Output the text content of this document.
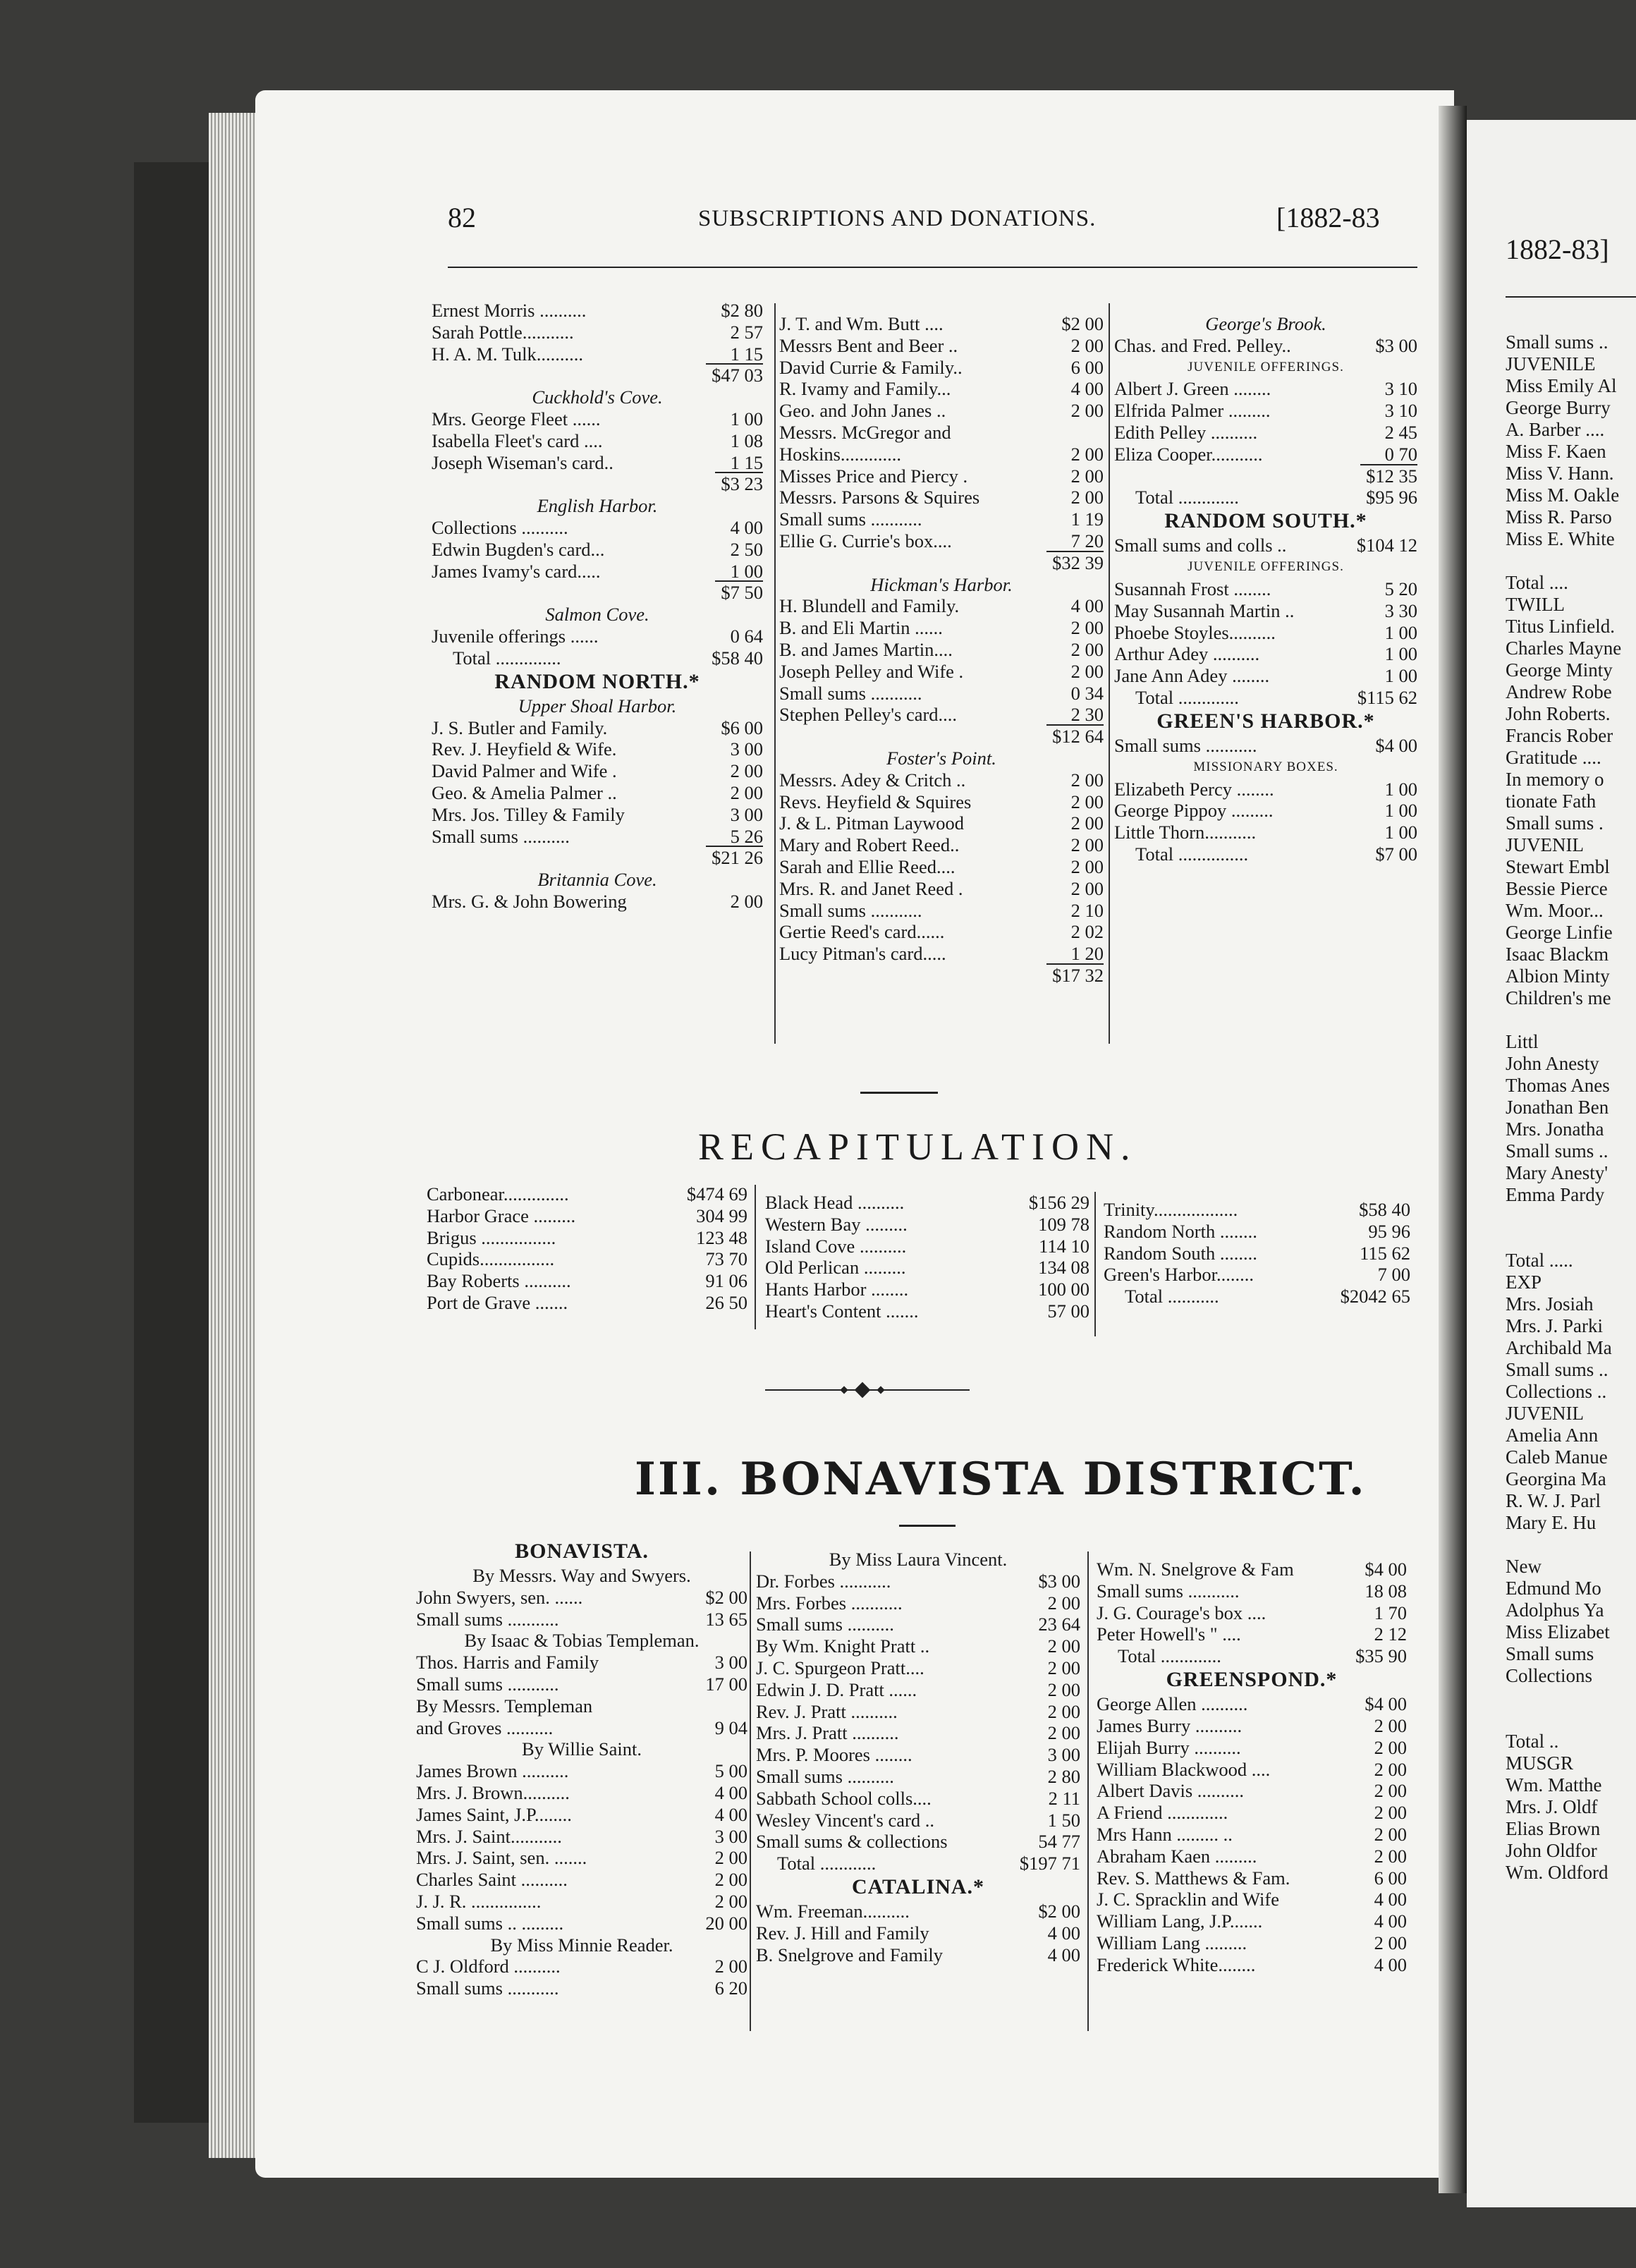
82	SUBSCRIPTIONS AND DONATIONS.	[1882-83
Ernest Morris ..........	$2 80
Sarah Pottle...........	2 57
H. A. M. Tulk..........	1 15
$47 03
Cuckhold's Cove.
Mrs. George Fleet ......	1 00
Isabella Fleet's card ....	1 08
Joseph Wiseman's card..	1 15
$3 23
English Harbor.
Collections ..........	4 00
Edwin Bugden's card...	2 50
James Ivamy's card.....	1 00
$7 50
Salmon Cove.
Juvenile offerings ......	0 64
Total ..............	$58 40
RANDOM NORTH.*
Upper Shoal Harbor.
J. S. Butler and Family.	$6 00
Rev. J. Heyfield & Wife.	3 00
David Palmer and Wife .	2 00
Geo. & Amelia Palmer ..	2 00
Mrs. Jos. Tilley & Family	3 00
Small sums ..........	5 26
$21 26
Britannia Cove.
Mrs. G. & John Bowering	2 00
J. T. and Wm. Butt ....	$2 00
Messrs Bent and Beer ..	2 00
David Currie & Family..	6 00
R. Ivamy and Family...	4 00
Geo. and John Janes ..	2 00
Messrs. McGregor and
Hoskins.............	2 00
Misses Price and Piercy .	2 00
Messrs. Parsons & Squires	2 00
Small sums ...........	1 19
Ellie G. Currie's box....	7 20
$32 39
Hickman's Harbor.
H. Blundell and Family.	4 00
B. and Eli Martin ......	2 00
B. and James Martin....	2 00
Joseph Pelley and Wife .	2 00
Small sums ...........	0 34
Stephen Pelley's card....	2 30
$12 64
Foster's Point.
Messrs. Adey & Critch ..	2 00
Revs. Heyfield & Squires	2 00
J. & L. Pitman Laywood	2 00
Mary and Robert Reed..	2 00
Sarah and Ellie Reed....	2 00
Mrs. R. and Janet Reed .	2 00
Small sums ...........	2 10
Gertie Reed's card......	2 02
Lucy Pitman's card.....	1 20
$17 32
George's Brook.
Chas. and Fred. Pelley..	$3 00
JUVENILE OFFERINGS.
Albert J. Green ........	3 10
Elfrida Palmer .........	3 10
Edith Pelley ..........	2 45
Eliza Cooper...........	0 70
$12 35
Total .............	$95 96
RANDOM SOUTH.*
Small sums and colls ..	$104 12
JUVENILE OFFERINGS.
Susannah Frost ........	5 20
May Susannah Martin ..	3 30
Phoebe Stoyles..........	1 00
Arthur Adey ..........	1 00
Jane Ann Adey ........	1 00
Total .............	$115 62
GREEN'S HARBOR.*
Small sums ...........	$4 00
MISSIONARY BOXES.
Elizabeth Percy ........	1 00
George Pippoy .........	1 00
Little Thorn...........	1 00
Total ...............	$7 00
RECAPITULATION.
Carbonear..............	$474 69
Harbor Grace .........	304 99
Brigus ................	123 48
Cupids................	73 70
Bay Roberts ..........	91 06
Port de Grave .......	26 50
Black Head ..........	$156 29
Western Bay .........	109 78
Island Cove ..........	114 10
Old Perlican .........	134 08
Hants Harbor ........	100 00
Heart's Content .......	57 00
Trinity..................	$58 40
Random North ........	95 96
Random South ........	115 62
Green's Harbor........	7 00
Total ...........	$2042 65
III. BONAVISTA DISTRICT.
BONAVISTA.
By Messrs. Way and Swyers.
John Swyers, sen. ......	$2 00
Small sums ...........	13 65
By Isaac & Tobias Templeman.
Thos. Harris and Family	3 00
Small sums ...........	17 00
By Messrs. Templeman
and Groves ..........	9 04
By Willie Saint.
James Brown ..........	5 00
Mrs. J. Brown..........	4 00
James Saint, J.P........	4 00
Mrs. J. Saint...........	3 00
Mrs. J. Saint, sen. .......	2 00
Charles Saint ..........	2 00
J. J. R. ...............	2 00
Small sums .. .........	20 00
By Miss Minnie Reader.
C J. Oldford ..........	2 00
Small sums ...........	6 20
By Miss Laura Vincent.
Dr. Forbes ...........	$3 00
Mrs. Forbes ...........	2 00
Small sums ..........	23 64
By Wm. Knight Pratt ..	2 00
J. C. Spurgeon Pratt....	2 00
Edwin J. D. Pratt ......	2 00
Rev. J. Pratt ..........	2 00
Mrs. J. Pratt ..........	2 00
Mrs. P. Moores ........	3 00
Small sums ..........	2 80
Sabbath School colls....	2 11
Wesley Vincent's card ..	1 50
Small sums & collections	54 77
Total ............	$197 71
CATALINA.*
Wm. Freeman..........	$2 00
Rev. J. Hill and Family	4 00
B. Snelgrove and Family	4 00
Wm. N. Snelgrove & Fam	$4 00
Small sums ...........	18 08
J. G. Courage's box ....	1 70
Peter Howell's " ....	2 12
Total .............	$35 90
GREENSPOND.*
George Allen ..........	$4 00
James Burry ..........	2 00
Elijah Burry ..........	2 00
William Blackwood ....	2 00
Albert Davis ..........	2 00
A Friend .............	2 00
Mrs Hann ......... ..	2 00
Abraham Kaen .........	2 00
Rev. S. Matthews & Fam.	6 00
J. C. Spracklin and Wife	4 00
William Lang, J.P.......	4 00
William Lang .........	2 00
Frederick White........	4 00
1882-83]
Small sums ..
JUVENILE
Miss Emily Al
George Burry
A. Barber ....
Miss F. Kaen
Miss V. Hann.
Miss M. Oakle
Miss R. Parso
Miss E. White
Total ....
TWILL
Titus Linfield.
Charles Mayne
George Minty
Andrew Robe
John Roberts.
Francis Rober
Gratitude ....
In memory o
tionate Fath
Small sums .
JUVENIL
Stewart Embl
Bessie Pierce
Wm. Moor...
George Linfie
Isaac Blackm
Albion Minty
Children's me
Littl
John Anesty
Thomas Anes
Jonathan Ben
Mrs. Jonatha
Small sums ..
Mary Anesty'
Emma Pardy
Total .....
EXP
Mrs. Josiah
Mrs. J. Parki
Archibald Ma
Small sums ..
Collections ..
JUVENIL
Amelia Ann
Caleb Manue
Georgina Ma
R. W. J. Parl
Mary E. Hu
New
Edmund Mo
Adolphus Ya
Miss Elizabet
Small sums
Collections
Total ..
MUSGR
Wm. Matthe
Mrs. J. Oldf
Elias Brown
John Oldfor
Wm. Oldford
